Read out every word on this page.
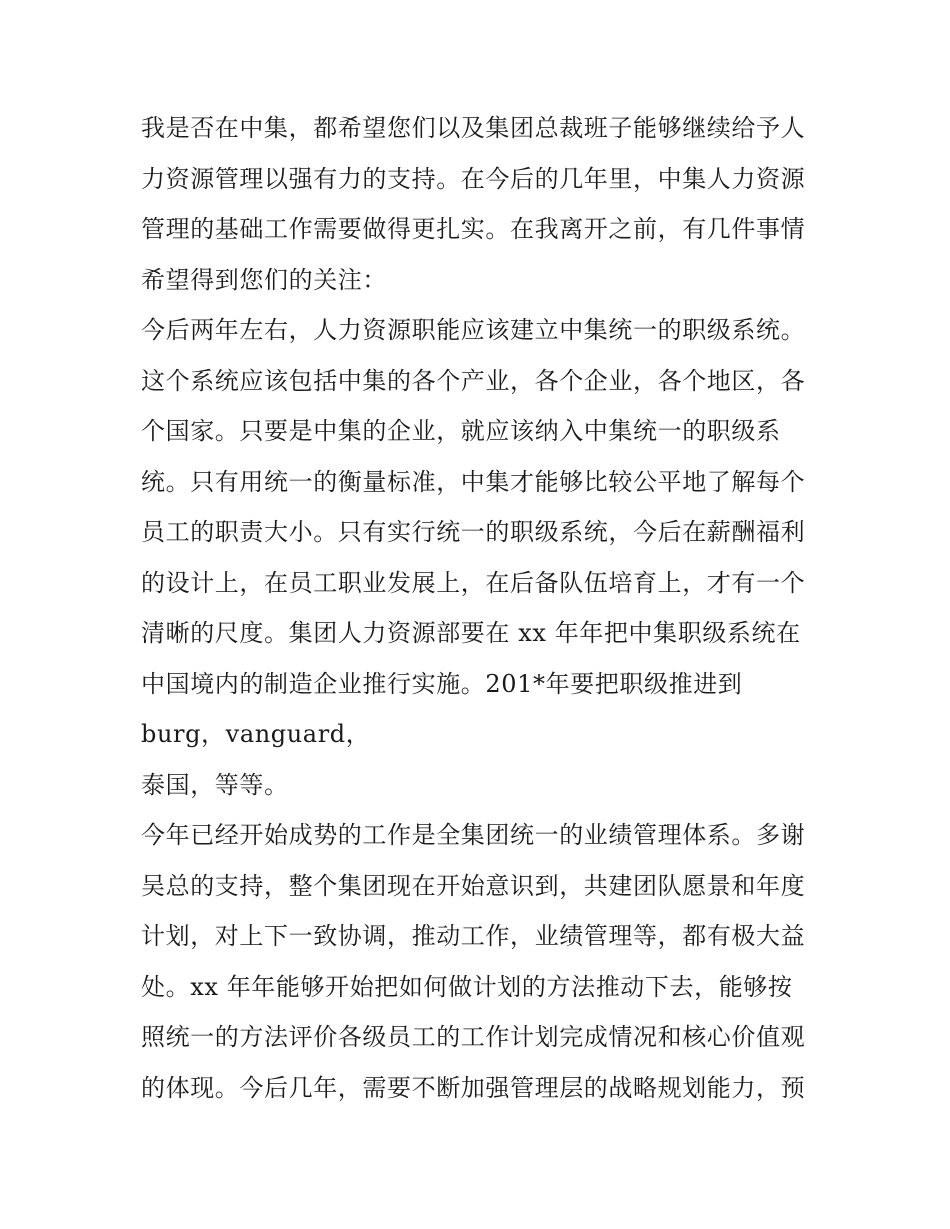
我是否在中集，都希望您们以及集团总裁班子能够继续给予人
力资源管理以强有力的支持。在今后的几年里，中集人力资源
管理的基础工作需要做得更扎实。在我离开之前，有几件事情
希望得到您们的关注：
今后两年左右，人力资源职能应该建立中集统一的职级系统。
这个系统应该包括中集的各个产业，各个企业，各个地区，各
个国家。只要是中集的企业，就应该纳入中集统一的职级系
统。只有用统一的衡量标准，中集才能够比较公平地了解每个
员工的职责大小。只有实行统一的职级系统，今后在薪酬福利
的设计上，在员工职业发展上，在后备队伍培育上，才有一个
清晰的尺度。集团人力资源部要在 xx 年年把中集职级系统在
中国境内的制造企业推行实施。201*年要把职级推进到
burg，vanguard，
泰国，等等。
今年已经开始成势的工作是全集团统一的业绩管理体系。多谢
吴总的支持，整个集团现在开始意识到，共建团队愿景和年度
计划，对上下一致协调，推动工作，业绩管理等，都有极大益
处。xx 年年能够开始把如何做计划的方法推动下去，能够按
照统一的方法评价各级员工的工作计划完成情况和核心价值观
的体现。今后几年，需要不断加强管理层的战略规划能力，预
